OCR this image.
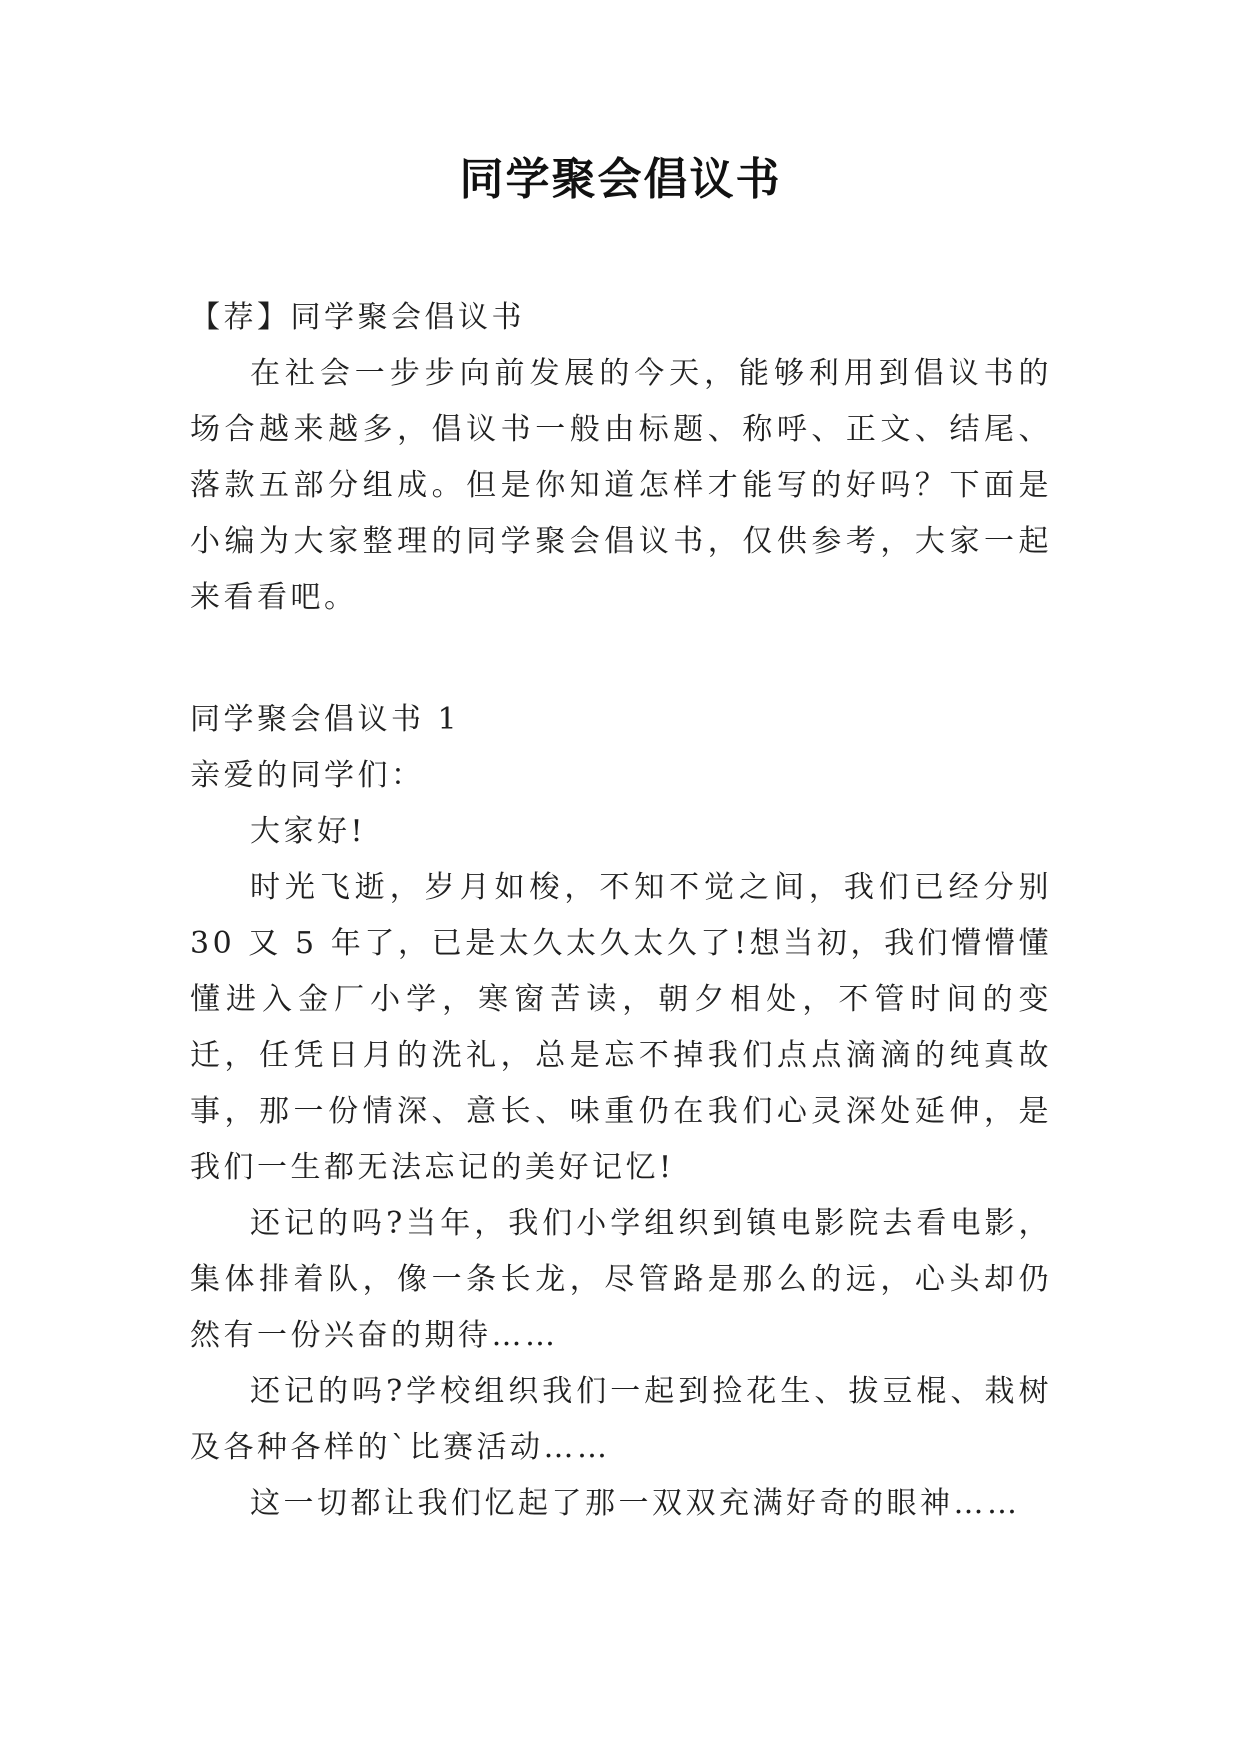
同学聚会倡议书

【荐】同学聚会倡议书

在社会一步步向前发展的今天，能够利用到倡议书的场合越来越多，倡议书一般由标题、称呼、正文、结尾、落款五部分组成。但是你知道怎样才能写的好吗？下面是小编为大家整理的同学聚会倡议书，仅供参考，大家一起来看看吧。

同学聚会倡议书 1

亲爱的同学们：

大家好!

时光飞逝，岁月如梭，不知不觉之间，我们已经分别 30 又 5 年了，已是太久太久太久了!想当初，我们懵懵懂懂进入金厂小学，寒窗苦读，朝夕相处，不管时间的变迁，任凭日月的洗礼，总是忘不掉我们点点滴滴的纯真故事，那一份情深、意长、味重仍在我们心灵深处延伸，是我们一生都无法忘记的美好记忆!

还记的吗?当年，我们小学组织到镇电影院去看电影，集体排着队，像一条长龙，尽管路是那么的远，心头却仍然有一份兴奋的期待……

还记的吗?学校组织我们一起到捡花生、拔豆棍、栽树及各种各样的`比赛活动……

这一切都让我们忆起了那一双双充满好奇的眼神……
